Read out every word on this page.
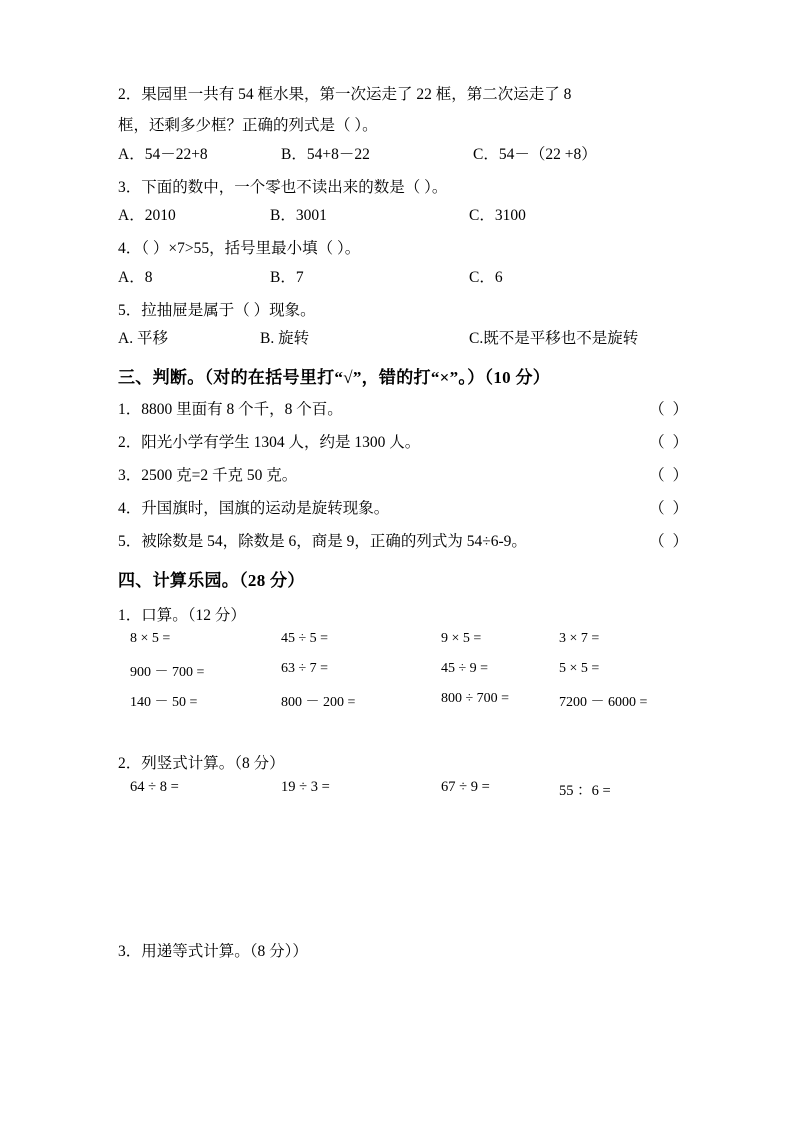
2．果园里一共有 54 框水果，第一次运走了 22 框，第二次运走了 8
框，还剩多少框？正确的列式是（ ）。
A．54－22+8	B．54+8－22	C．54－（22 +8）
3．下面的数中，一个零也不读出来的数是（ ）。
A．2010	B．3001	C．3100
4．（ ）×7>55，括号里最小填（ ）。
A．8	B．7	C．6
5．拉抽屉是属于（ ）现象。
A. 平移	B. 旋转	C.既不是平移也不是旋转
三、判断。（对的在括号里打“√”，错的打“×”。）（10 分）
1．8800 里面有 8 个千，8 个百。	（ ）
2．阳光小学有学生 1304 人，约是 1300 人。	（ ）
3．2500 克=2 千克 50 克。	（ ）
4．升国旗时，国旗的运动是旋转现象。	（ ）
5．被除数是 54，除数是 6，商是 9，正确的列式为 54÷6-9。	（ ）
四、计算乐园。（28 分）
1．口算。（12 分）
8 × 5 =	45 ÷ 5 =	9 × 5 =	3 × 7 =
900 － 700 =	63 ÷ 7 =	45 ÷ 9 =	5 × 5 =
140 － 50 =	800 － 200 =	800 ÷ 700 =	7200 － 6000 =
2．列竖式计算。（8 分）
64 ÷ 8 =	19 ÷ 3 =	67 ÷ 9 =	55 ：6 =
3．用递等式计算。（8 分））
